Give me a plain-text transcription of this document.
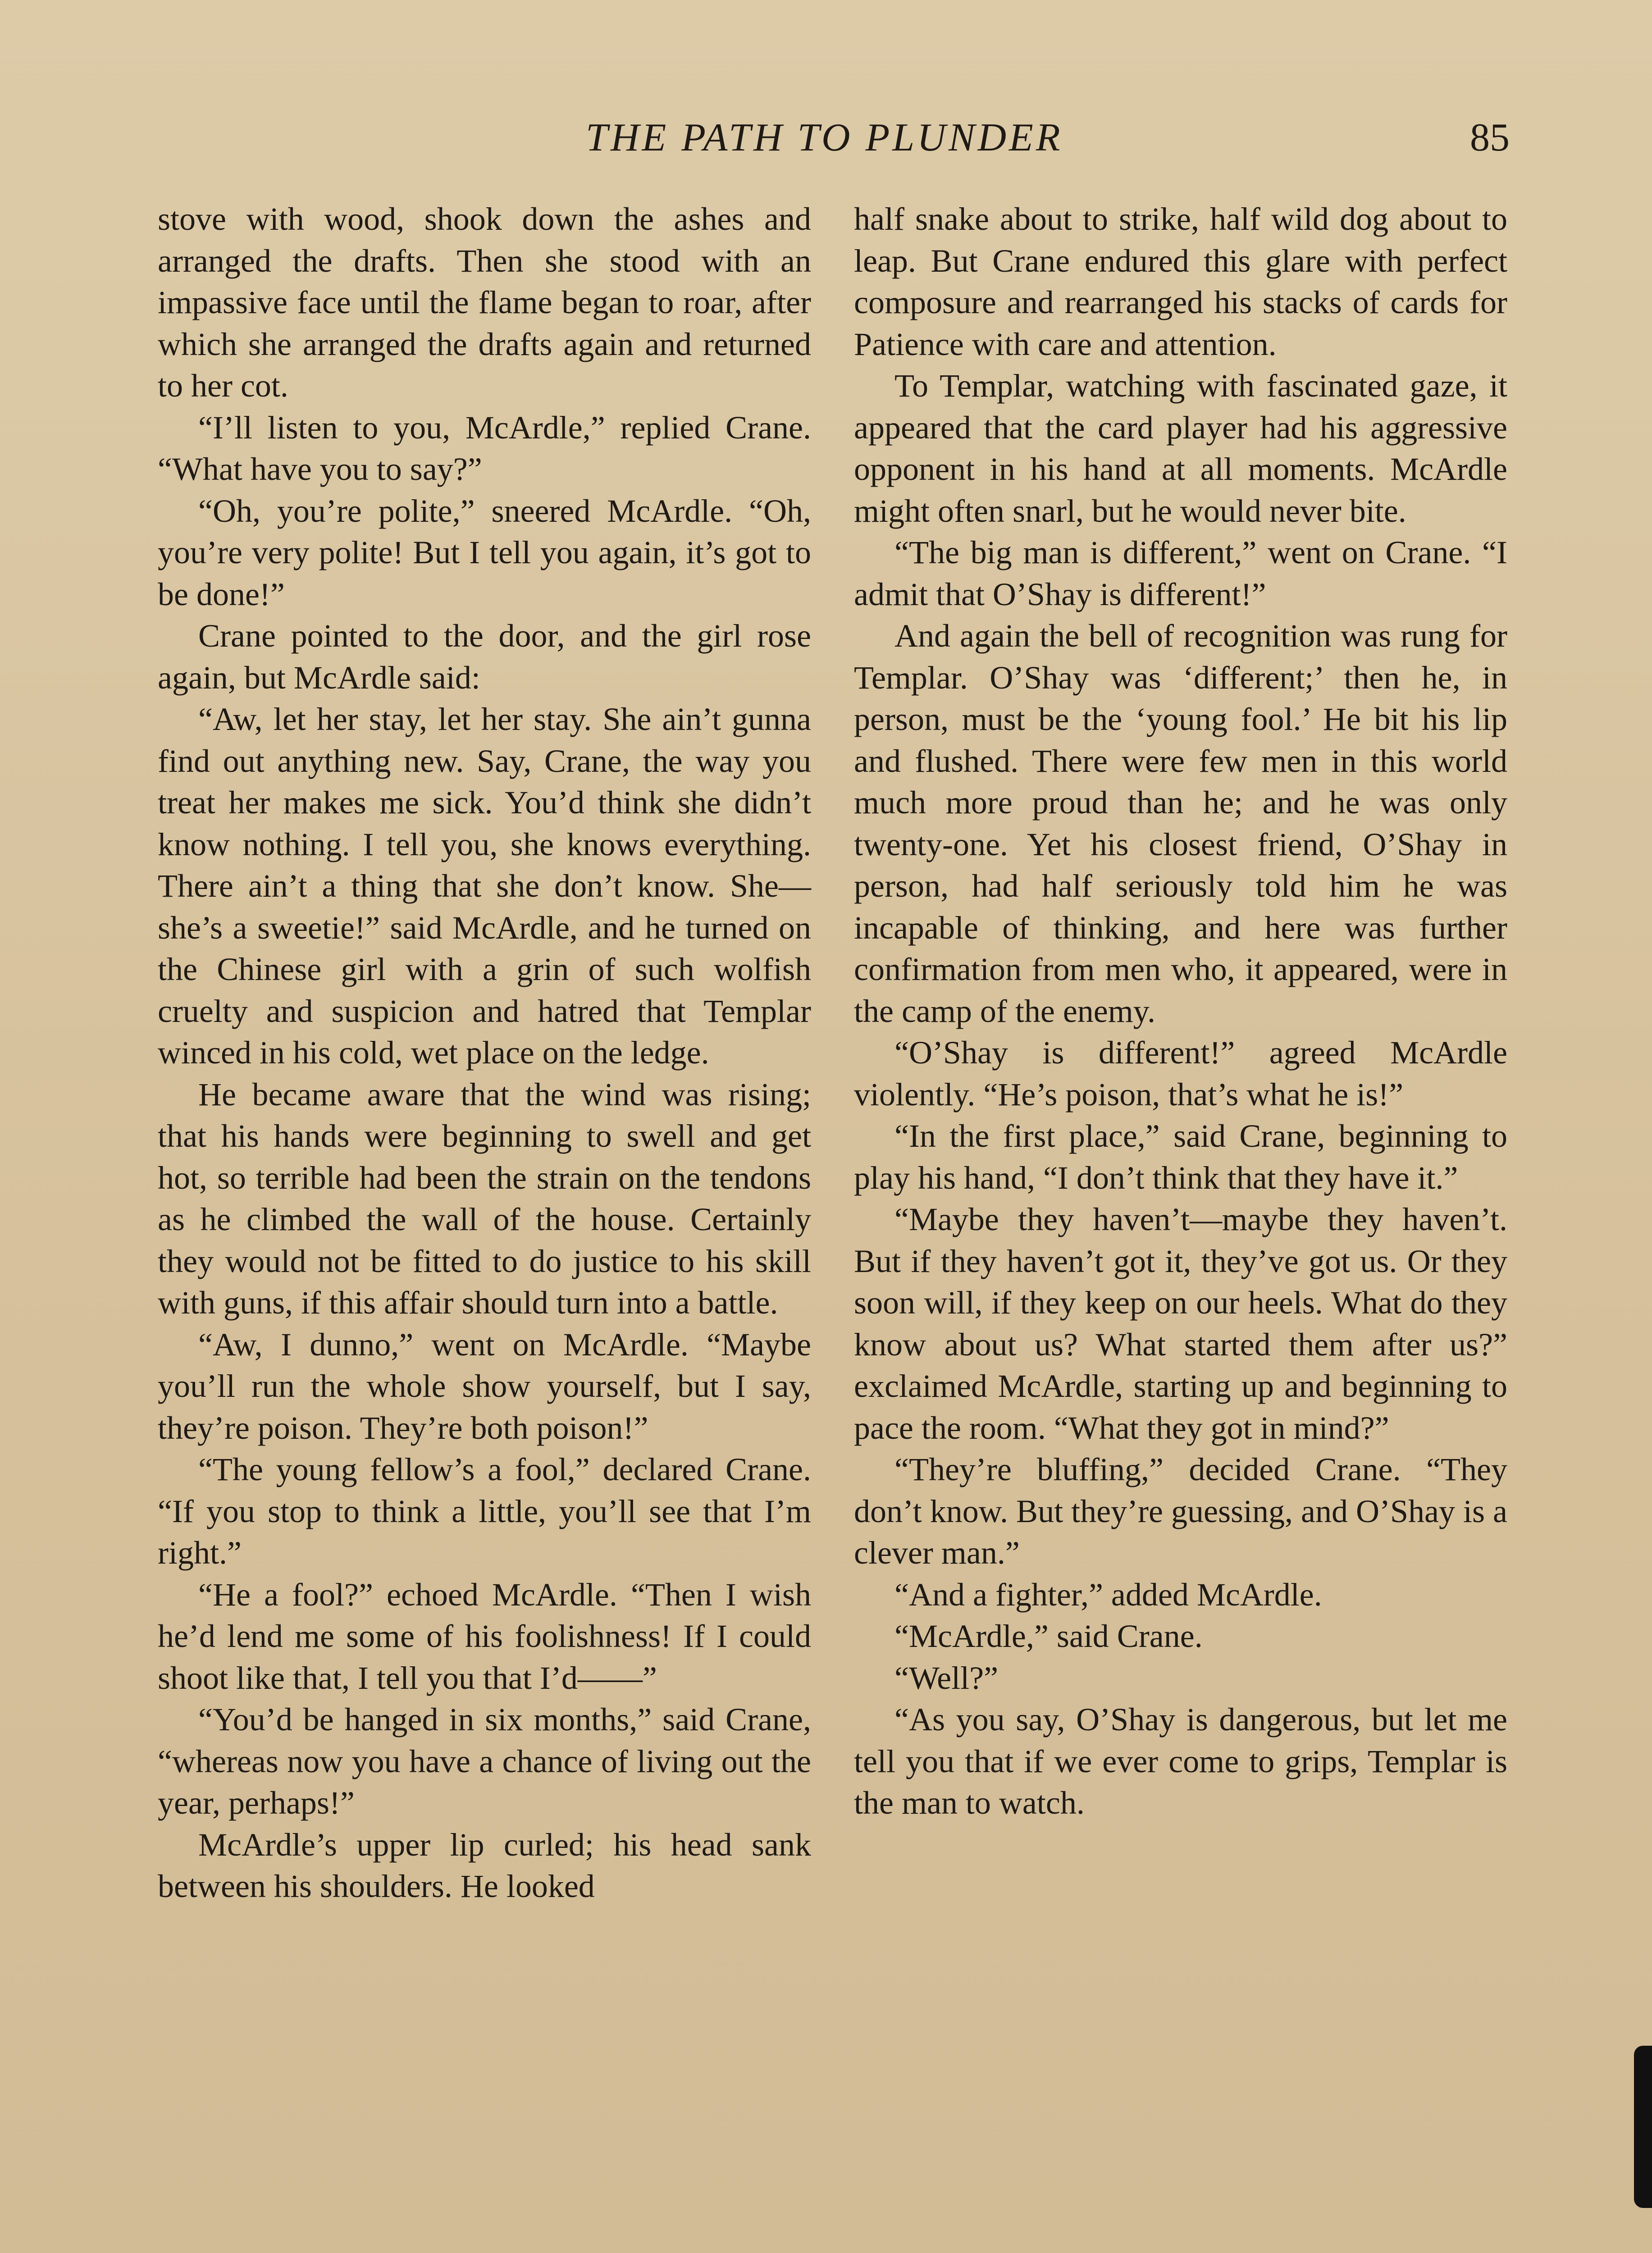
THE PATH TO PLUNDER	85

stove with wood, shook down the ashes and arranged the drafts. Then she stood with an impassive face until the flame began to roar, after which she arranged the drafts again and returned to her cot.

“I’ll listen to you, McArdle,” replied Crane. “What have you to say?”

“Oh, you’re polite,” sneered McArdle. “Oh, you’re very polite! But I tell you again, it’s got to be done!”

Crane pointed to the door, and the girl rose again, but McArdle said:

“Aw, let her stay, let her stay. She ain’t gunna find out anything new. Say, Crane, the way you treat her makes me sick. You’d think she didn’t know nothing. I tell you, she knows everything. There ain’t a thing that she don’t know. She—she’s a sweetie!” said McArdle, and he turned on the Chinese girl with a grin of such wolfish cruelty and suspicion and hatred that Templar winced in his cold, wet place on the ledge.

He became aware that the wind was rising; that his hands were beginning to swell and get hot, so terrible had been the strain on the tendons as he climbed the wall of the house. Certainly they would not be fitted to do justice to his skill with guns, if this affair should turn into a battle.

“Aw, I dunno,” went on McArdle. “Maybe you’ll run the whole show yourself, but I say, they’re poison. They’re both poison!”

“The young fellow’s a fool,” declared Crane. “If you stop to think a little, you’ll see that I’m right.”

“He a fool?” echoed McArdle. “Then I wish he’d lend me some of his foolishness! If I could shoot like that, I tell you that I’d——”

“You’d be hanged in six months,” said Crane, “whereas now you have a chance of living out the year, perhaps!”

McArdle’s upper lip curled; his head sank between his shoulders. He looked

half snake about to strike, half wild dog about to leap. But Crane endured this glare with perfect composure and rearranged his stacks of cards for Patience with care and attention.

To Templar, watching with fascinated gaze, it appeared that the card player had his aggressive opponent in his hand at all moments. McArdle might often snarl, but he would never bite.

“The big man is different,” went on Crane. “I admit that O’Shay is different!”

And again the bell of recognition was rung for Templar. O’Shay was ‘different;’ then he, in person, must be the ‘young fool.’ He bit his lip and flushed. There were few men in this world much more proud than he; and he was only twenty-one. Yet his closest friend, O’Shay in person, had half seriously told him he was incapable of thinking, and here was further confirmation from men who, it appeared, were in the camp of the enemy.

“O’Shay is different!” agreed McArdle violently. “He’s poison, that’s what he is!”

“In the first place,” said Crane, beginning to play his hand, “I don’t think that they have it.”

“Maybe they haven’t—maybe they haven’t. But if they haven’t got it, they’ve got us. Or they soon will, if they keep on our heels. What do they know about us? What started them after us?” exclaimed McArdle, starting up and beginning to pace the room. “What they got in mind?”

“They’re bluffing,” decided Crane. “They don’t know. But they’re guessing, and O’Shay is a clever man.”

“And a fighter,” added McArdle.

“McArdle,” said Crane.

“Well?”

“As you say, O’Shay is dangerous, but let me tell you that if we ever come to grips, Templar is the man to watch.
